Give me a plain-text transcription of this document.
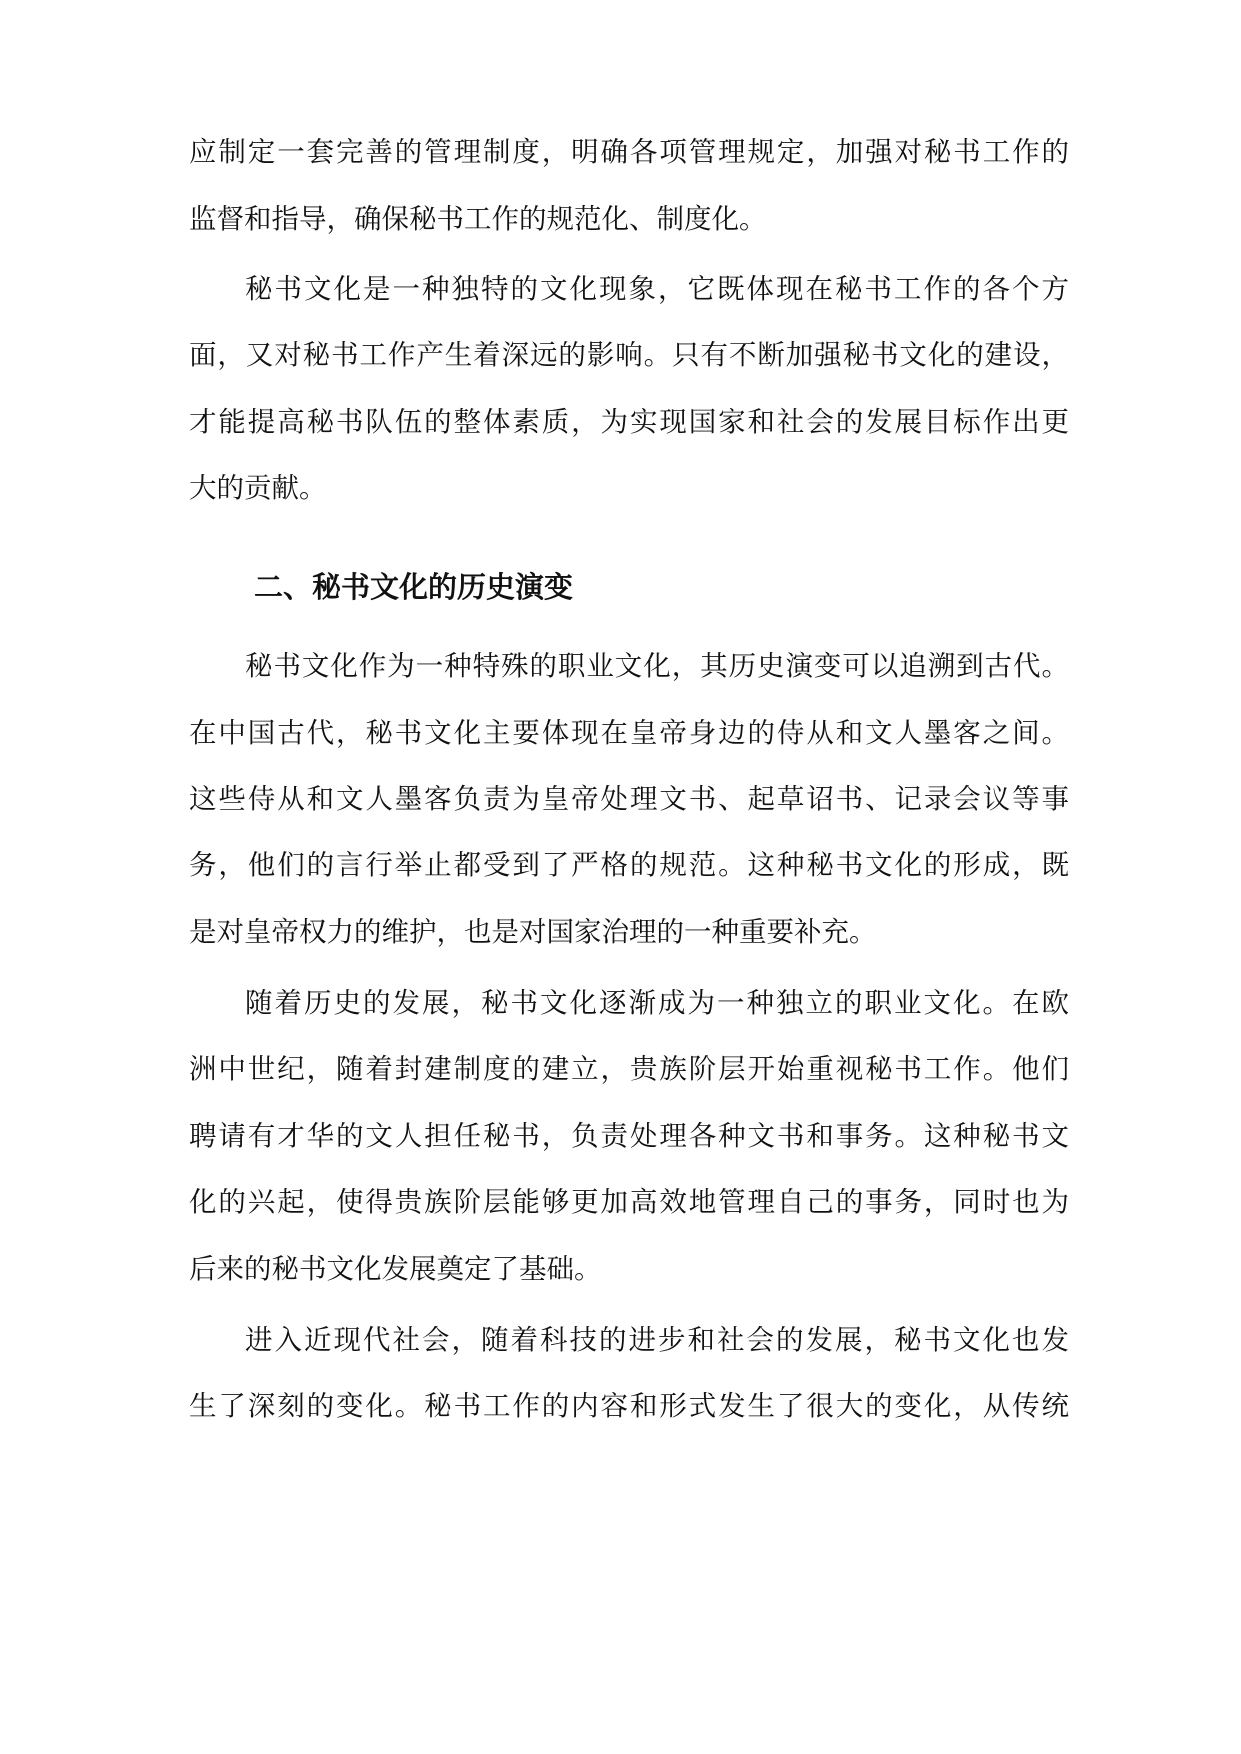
应制定一套完善的管理制度，明确各项管理规定，加强对秘书工作的
监督和指导，确保秘书工作的规范化、制度化。
秘书文化是一种独特的文化现象，它既体现在秘书工作的各个方
面，又对秘书工作产生着深远的影响。只有不断加强秘书文化的建设，
才能提高秘书队伍的整体素质，为实现国家和社会的发展目标作出更
大的贡献。
二、秘书文化的历史演变
秘书文化作为一种特殊的职业文化，其历史演变可以追溯到古代。
在中国古代，秘书文化主要体现在皇帝身边的侍从和文人墨客之间。
这些侍从和文人墨客负责为皇帝处理文书、起草诏书、记录会议等事
务，他们的言行举止都受到了严格的规范。这种秘书文化的形成，既
是对皇帝权力的维护，也是对国家治理的一种重要补充。
随着历史的发展，秘书文化逐渐成为一种独立的职业文化。在欧
洲中世纪，随着封建制度的建立，贵族阶层开始重视秘书工作。他们
聘请有才华的文人担任秘书，负责处理各种文书和事务。这种秘书文
化的兴起，使得贵族阶层能够更加高效地管理自己的事务，同时也为
后来的秘书文化发展奠定了基础。
进入近现代社会，随着科技的进步和社会的发展，秘书文化也发
生了深刻的变化。秘书工作的内容和形式发生了很大的变化，从传统
